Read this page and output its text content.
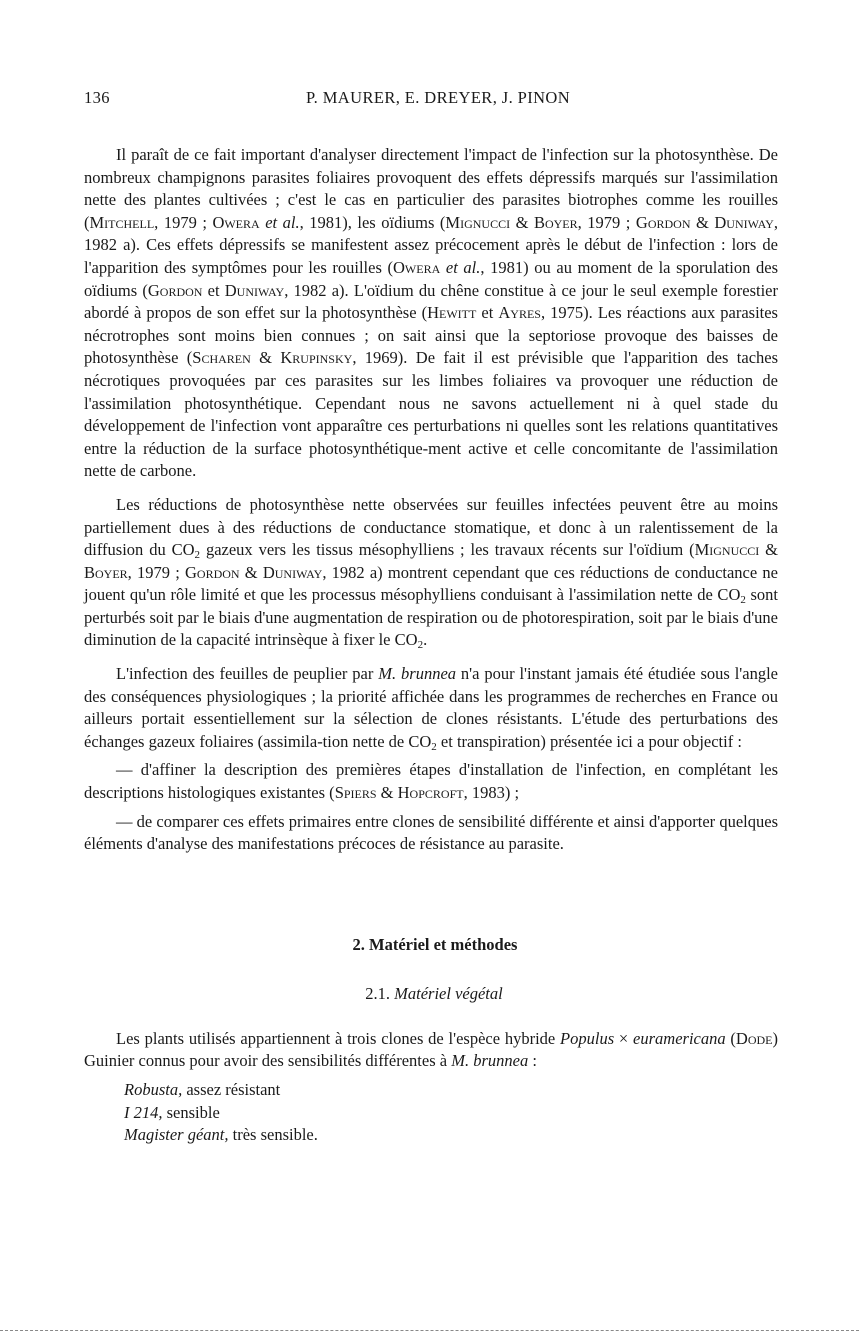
136	P. MAURER, E. DREYER, J. PINON

Il paraît de ce fait important d'analyser directement l'impact de l'infection sur la photosynthèse. De nombreux champignons parasites foliaires provoquent des effets dépressifs marqués sur l'assimilation nette des plantes cultivées ; c'est le cas en particulier des parasites biotrophes comme les rouilles (Mitchell, 1979 ; Owera et al., 1981), les oïdiums (Mignucci & Boyer, 1979 ; Gordon & Duniway, 1982 a). Ces effets dépressifs se manifestent assez précocement après le début de l'infection : lors de l'apparition des symptômes pour les rouilles (Owera et al., 1981) ou au moment de la sporulation des oïdiums (Gordon et Duniway, 1982 a). L'oïdium du chêne constitue à ce jour le seul exemple forestier abordé à propos de son effet sur la photosynthèse (Hewitt et Ayres, 1975). Les réactions aux parasites nécrotrophes sont moins bien connues ; on sait ainsi que la septoriose provoque des baisses de photosynthèse (Scharen & Krupinsky, 1969). De fait il est prévisible que l'apparition des taches nécrotiques provoquées par ces parasites sur les limbes foliaires va provoquer une réduction de l'assimilation photosynthétique. Cependant nous ne savons actuellement ni à quel stade du développement de l'infection vont apparaître ces perturbations ni quelles sont les relations quantitatives entre la réduction de la surface photosynthétique-ment active et celle concomitante de l'assimilation nette de carbone.

Les réductions de photosynthèse nette observées sur feuilles infectées peuvent être au moins partiellement dues à des réductions de conductance stomatique, et donc à un ralentissement de la diffusion du $CO_2$ gazeux vers les tissus mésophylliens ; les travaux récents sur l'oïdium (Mignucci & Boyer, 1979 ; Gordon & Duniway, 1982 a) montrent cependant que ces réductions de conductance ne jouent qu'un rôle limité et que les processus mésophylliens conduisant à l'assimilation nette de $CO_2$ sont perturbés soit par le biais d'une augmentation de respiration ou de photorespiration, soit par le biais d'une diminution de la capacité intrinsèque à fixer le $CO_2$.

L'infection des feuilles de peuplier par M. brunnea n'a pour l'instant jamais été étudiée sous l'angle des conséquences physiologiques ; la priorité affichée dans les programmes de recherches en France ou ailleurs portait essentiellement sur la sélection de clones résistants. L'étude des perturbations des échanges gazeux foliaires (assimila-tion nette de $CO_2$ et transpiration) présentée ici a pour objectif :

— d'affiner la description des premières étapes d'installation de l'infection, en complétant les descriptions histologiques existantes (Spiers & Hopcroft, 1983) ;

— de comparer ces effets primaires entre clones de sensibilité différente et ainsi d'apporter quelques éléments d'analyse des manifestations précoces de résistance au parasite.

2. Matériel et méthodes
2.1. Matériel végétal

Les plants utilisés appartiennent à trois clones de l'espèce hybride Populus × euramericana (Dode) Guinier connus pour avoir des sensibilités différentes à M. brunnea :

Robusta, assez résistant
I 214, sensible
Magister géant, très sensible.
